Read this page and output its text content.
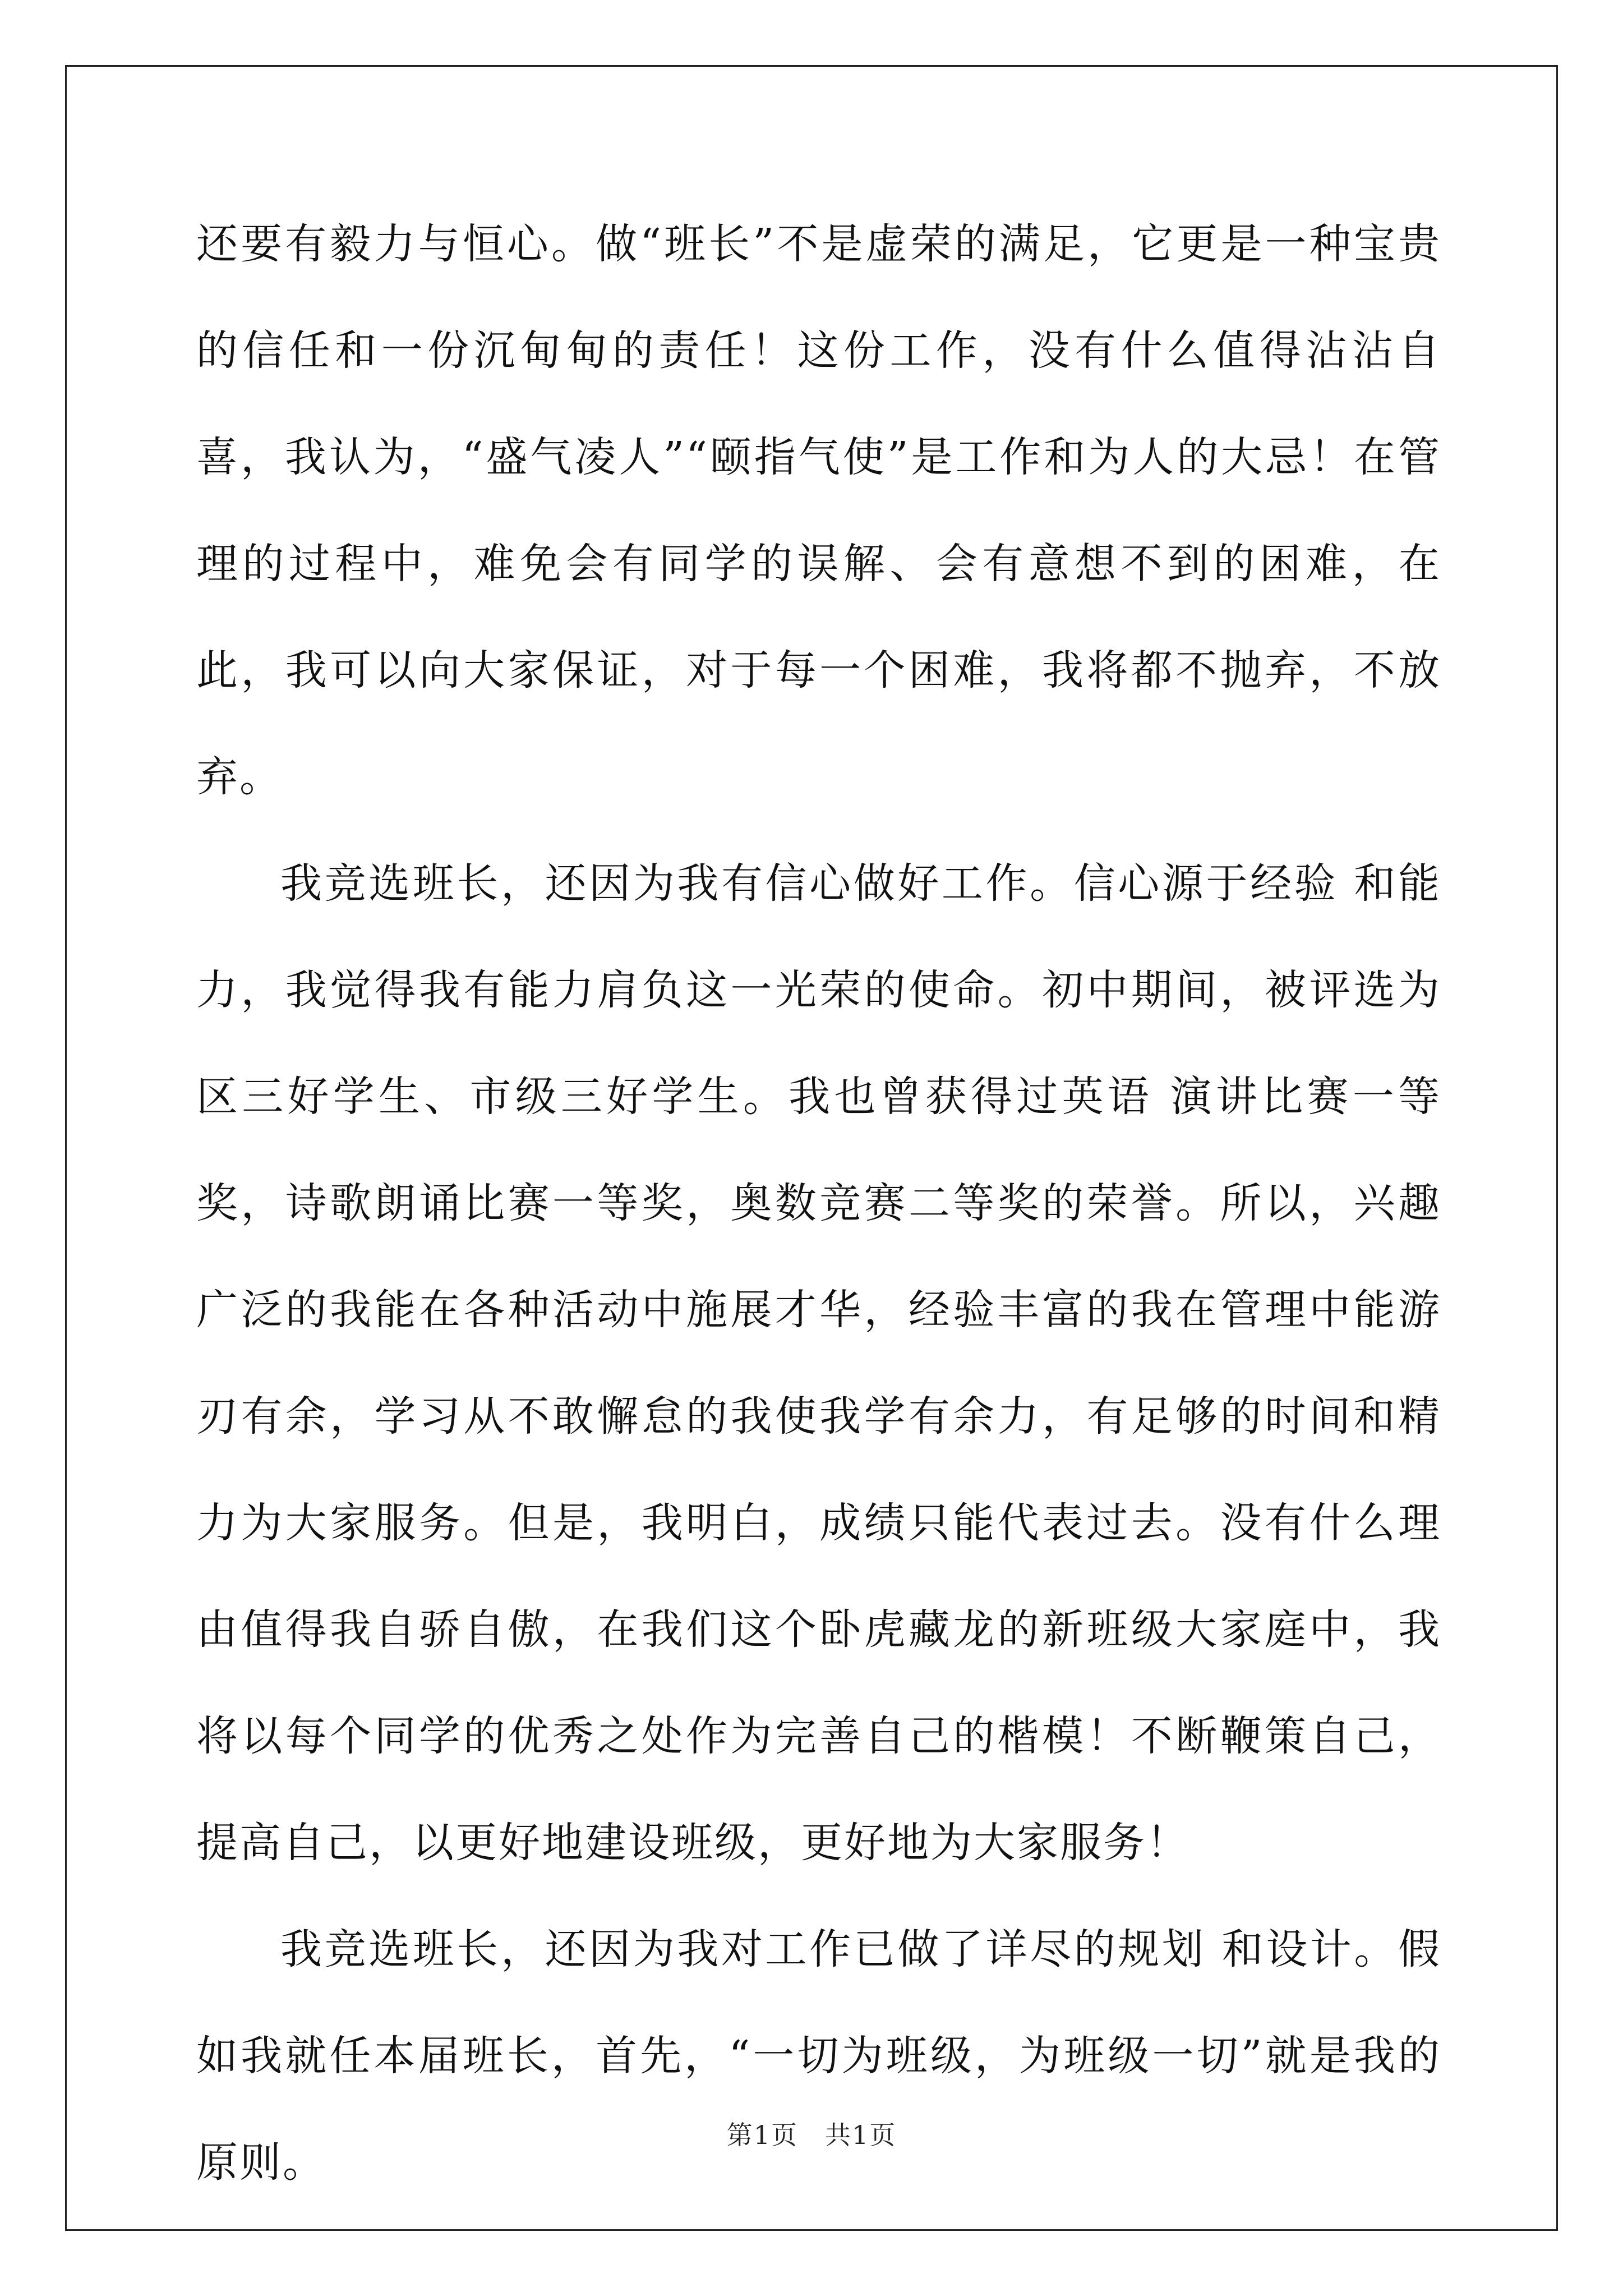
还要有毅力与恒心。做“班长”不是虚荣的满足，它更是一种宝贵的信任和一份沉甸甸的责任！这份工作，没有什么值得沾沾自喜，我认为，“盛气凌人”“颐指气使”是工作和为人的大忌！在管理的过程中，难免会有同学的误解、会有意想不到的困难，在此，我可以向大家保证，对于每一个困难，我将都不抛弃，不放弃。

我竞选班长，还因为我有信心做好工作。信心源于经验 和能力，我觉得我有能力肩负这一光荣的使命。初中期间，被评选为区三好学生、市级三好学生。我也曾获得过英语 演讲比赛一等奖，诗歌朗诵比赛一等奖，奥数竞赛二等奖的荣誉。所以，兴趣广泛的我能在各种活动中施展才华，经验丰富的我在管理中能游刃有余，学习从不敢懈怠的我使我学有余力，有足够的时间和精力为大家服务。但是，我明白，成绩只能代表过去。没有什么理由值得我自骄自傲，在我们这个卧虎藏龙的新班级大家庭中，我将以每个同学的优秀之处作为完善自己的楷模！不断鞭策自己，提高自己，以更好地建设班级，更好地为大家服务！

我竞选班长，还因为我对工作已做了详尽的规划 和设计。假如我就任本届班长，首先，“一切为班级，为班级一切”就是我的原则。

第1页　共1页
